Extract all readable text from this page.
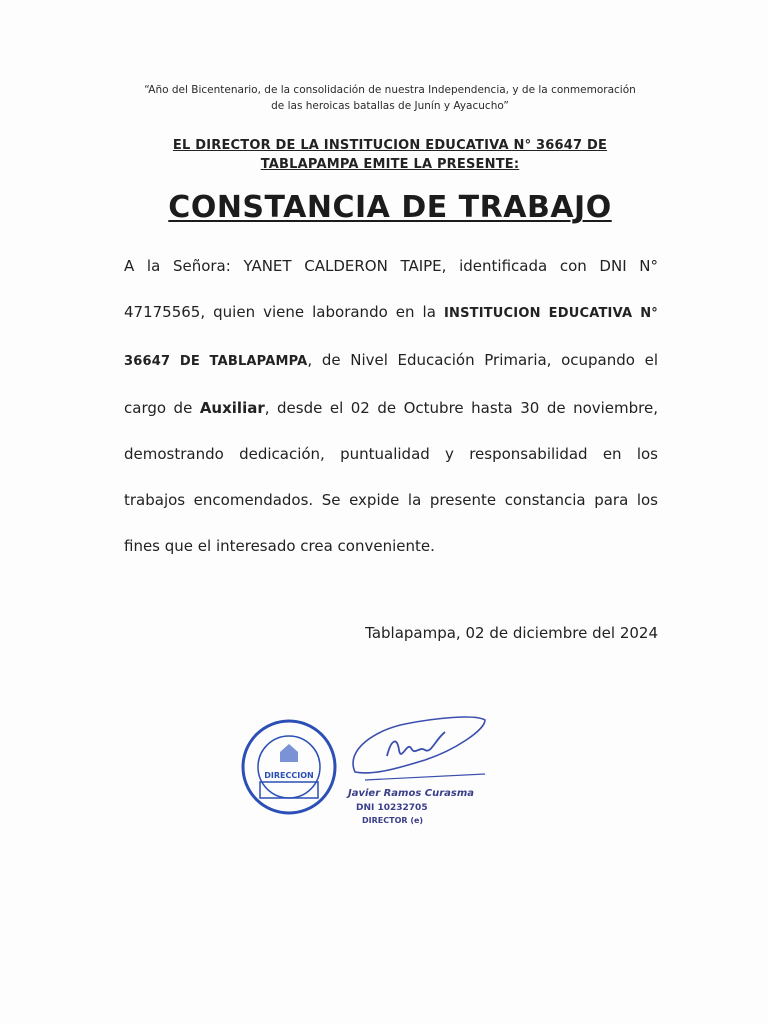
“Año del Bicentenario, de la consolidación de nuestra Independencia, y de la conmemoración
de las heroicas batallas de Junín y Ayacucho”
EL DIRECTOR DE LA INSTITUCION EDUCATIVA N° 36647 DE
TABLAPAMPA EMITE LA PRESENTE:
CONSTANCIA DE TRABAJO
A la Señora: YANET CALDERON TAIPE, identificada con DNI N° 47175565, quien viene laborando en la INSTITUCION EDUCATIVA N° 36647 DE TABLAPAMPA, de Nivel Educación Primaria, ocupando el cargo de Auxiliar, desde el 02 de Octubre hasta 30 de noviembre, demostrando dedicación, puntualidad y responsabilidad en los trabajos encomendados. Se expide la presente constancia para los fines que el interesado crea conveniente.
Tablapampa, 02 de diciembre del 2024
DIRECCION
Javier Ramos Curasma
DNI 10232705
DIRECTOR (e)
